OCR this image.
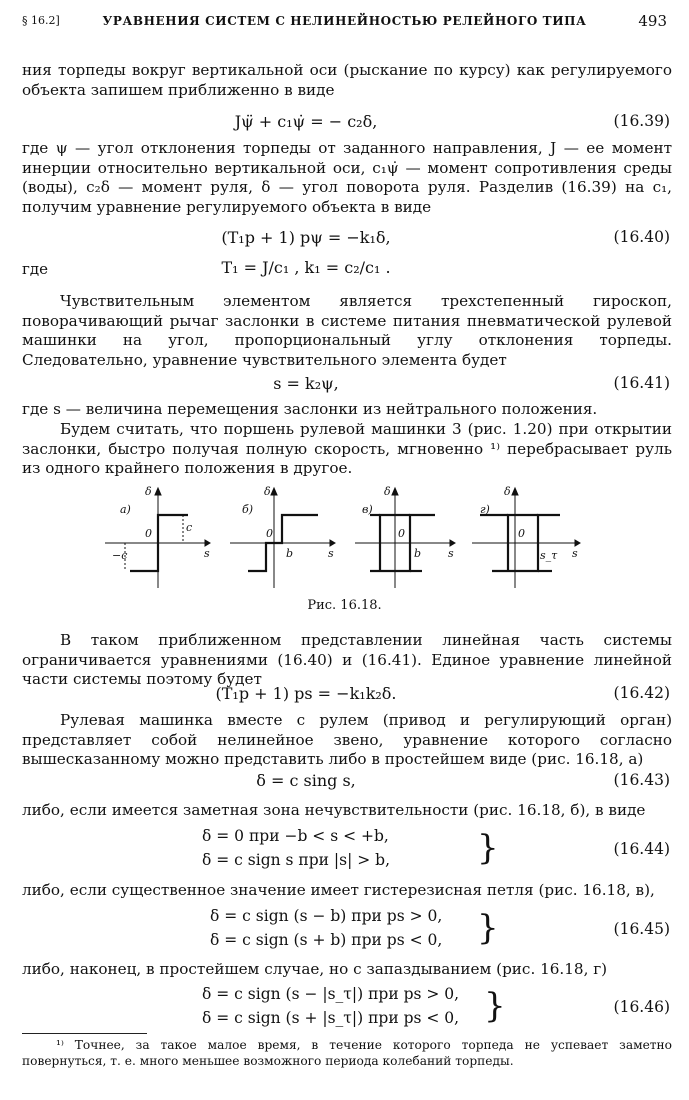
§ 16.2]	УРАВНЕНИЯ СИСТЕМ С НЕЛИНЕЙНОСТЬЮ РЕЛЕЙНОГО ТИПА	493
ния торпеды вокруг вертикальной оси (рыскание по курсу) как регулируемого объекта запишем приближенно в виде
Jψ̈ + c₁ψ̇ = − c₂δ,	(16.39)
где ψ — угол отклонения торпеды от заданного направления, J — ее момент инерции относительно вертикальной оси, c₁ψ̇ — момент сопротивления среды (воды), c₂δ — момент руля, δ — угол поворота руля. Разделив (16.39) на c₁, получим уравнение регулируемого объекта в виде
(T₁p + 1) pψ = −k₁δ,	(16.40)
где	T₁ = J/c₁ , k₁ = c₂/c₁ .
Чувствительным элементом является трехстепенный гироскоп, поворачивающий рычаг заслонки в системе питания пневматической рулевой машинки на угол, пропорциональный углу отклонения торпеды. Следовательно, уравнение чувствительного элемента будет
s = k₂ψ,	(16.41)
где s — величина перемещения заслонки из нейтрального положения.
Будем считать, что поршень рулевой машинки 3 (рис. 1.20) при открытии заслонки, быстро получая полную скорость, мгновенно ¹⁾ перебрасывает руль из одного крайнего положения в другое.
а)
δ
0	c
−c	s
б)
δ
0
b	s
в)
δ
0
b s
г)
δ
0
s_τ s
Рис. 16.18.
В таком приближенном представлении линейная часть системы ограничивается уравнениями (16.40) и (16.41). Единое уравнение линейной части системы поэтому будет
(T₁p + 1) ps = −k₁k₂δ.	(16.42)
Рулевая машинка вместе с рулем (привод и регулирующий орган) представляет собой нелинейное звено, уравнение которого согласно вышесказанному можно представить либо в простейшем виде (рис. 16.18, а)
δ = c sing s,	(16.43)
либо, если имеется заметная зона нечувствительности (рис. 16.18, б), в виде
δ = 0 при −b < s < +b,
δ = c sign s при |s| > b,	}	(16.44)
либо, если существенное значение имеет гистерезисная петля (рис. 16.18, в),
δ = c sign (s − b) при ps > 0,
δ = c sign (s + b) при ps < 0, }	(16.45)
либо, наконец, в простейшем случае, но с запаздыванием (рис. 16.18, г)
δ = c sign (s − |s_τ|) при ps > 0,
δ = c sign (s + |s_τ|) при ps < 0, }	(16.46)
¹⁾ Точнее, за такое малое время, в течение которого торпеда не успевает заметно повернуться, т. е. много меньшее возможного периода колебаний торпеды.
